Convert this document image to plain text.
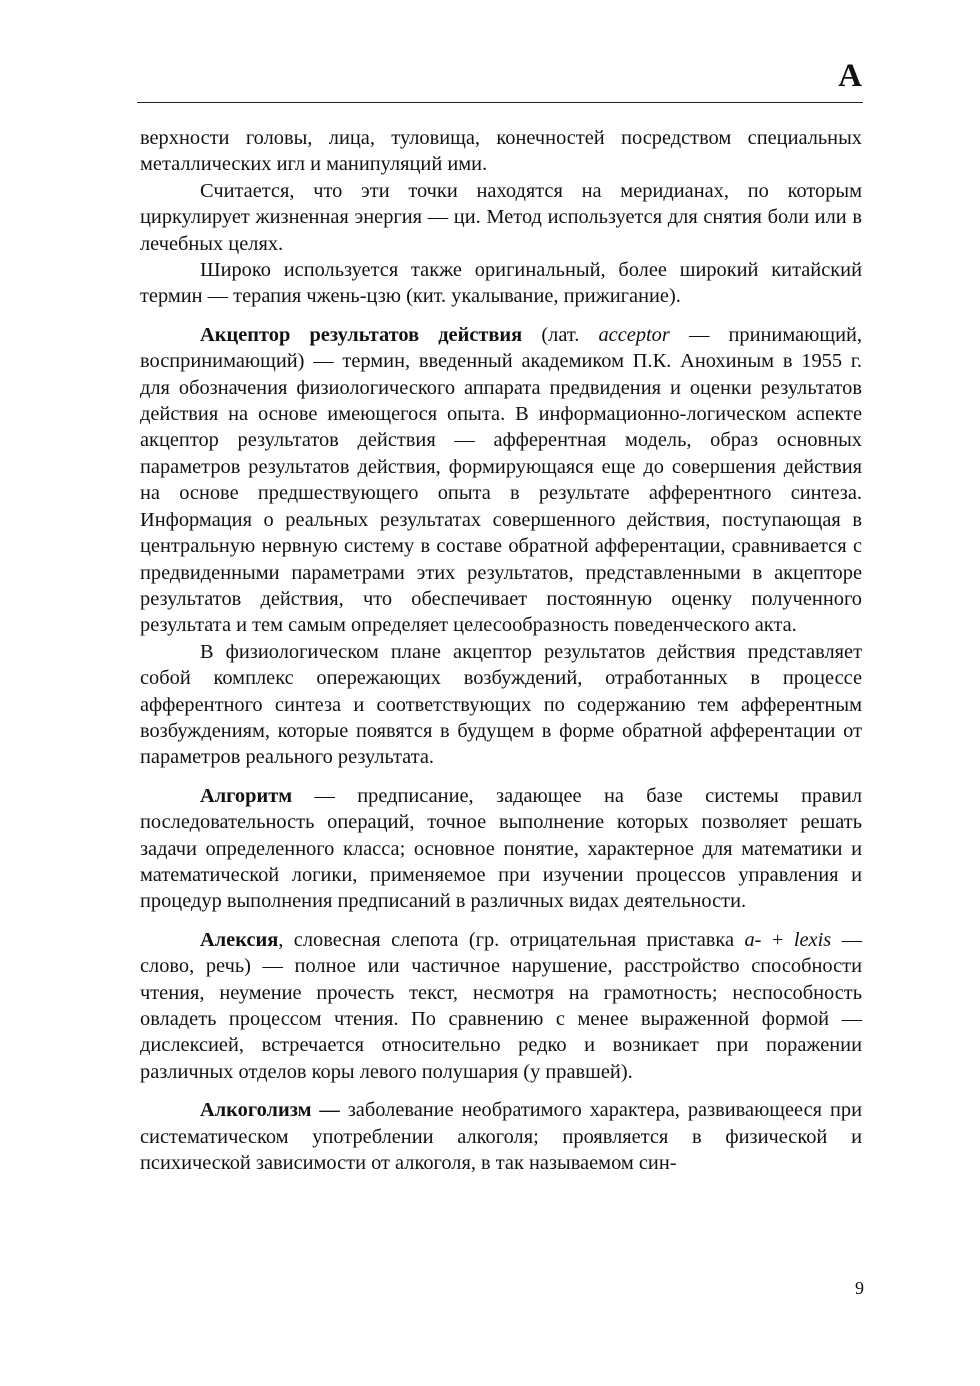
А

верхности головы, лица, туловища, конечностей посредством специальных металлических игл и манипуляций ими.

Считается, что эти точки находятся на меридианах, по которым циркулирует жизненная энергия — ци. Метод используется для снятия боли или в лечебных целях.

Широко используется также оригинальный, более широкий китайский термин — терапия чжень-цзю (кит. укалывание, прижигание).

Акцептор результатов действия (лат. acceptor — принимающий, воспринимающий) — термин, введенный академиком П.К. Анохиным в 1955 г. для обозначения физиологического аппарата предвидения и оценки результатов действия на основе имеющегося опыта. В информационно-логическом аспекте акцептор результатов действия — афферентная модель, образ основных параметров результатов действия, формирующаяся еще до совершения действия на основе предшествующего опыта в результате афферентного синтеза. Информация о реальных результатах совершенного действия, поступающая в центральную нервную систему в составе обратной афферентации, сравнивается с предвиденными параметрами этих результатов, представленными в акцепторе результатов действия, что обеспечивает постоянную оценку полученного результата и тем самым определяет целесообразность поведенческого акта.

В физиологическом плане акцептор результатов действия представляет собой комплекс опережающих возбуждений, отработанных в процессе афферентного синтеза и соответствующих по содержанию тем афферентным возбуждениям, которые появятся в будущем в форме обратной афферентации от параметров реального результата.

Алгоритм — предписание, задающее на базе системы правил последовательность операций, точное выполнение которых позволяет решать задачи определенного класса; основное понятие, характерное для математики и математической логики, применяемое при изучении процессов управления и процедур выполнения предписаний в различных видах деятельности.

Алексия, словесная слепота (гр. отрицательная приставка a- + lexis — слово, речь) — полное или частичное нарушение, расстройство способности чтения, неумение прочесть текст, несмотря на грамотность; неспособность овладеть процессом чтения. По сравнению с менее выраженной формой — дислексией, встречается относительно редко и возникает при поражении различных отделов коры левого полушария (у правшей).

Алкоголизм — заболевание необратимого характера, развивающееся при систематическом употреблении алкоголя; проявляется в физической и психической зависимости от алкоголя, в так называемом син-

9
